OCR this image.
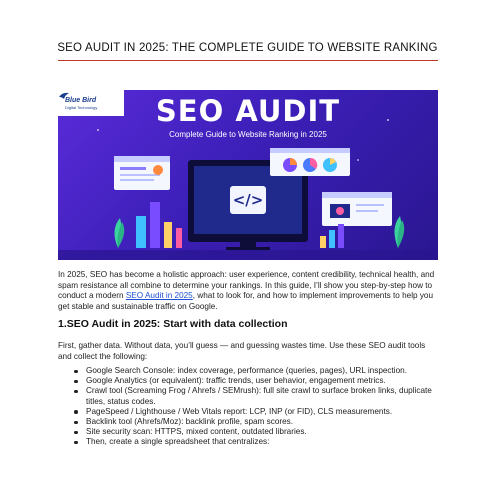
SEO AUDIT IN 2025: THE COMPLETE GUIDE TO WEBSITE RANKING
</>
Blue Bird
Digital Technology	SEO AUDIT
Complete Guide to Website Ranking in 2025

In 2025, SEO has become a holistic approach: user experience, content credibility, technical health, and spam resistance all combine to determine your rankings. In this guide, I’ll show you step-by-step how to conduct a modern SEO Audit in 2025, what to look for, and how to implement improvements to help you get stable and sustainable traffic on Google.

1.SEO Audit in 2025: Start with data collection

First, gather data. Without data, you’ll guess — and guessing wastes time. Use these SEO audit tools and collect the following:

Google Search Console: index coverage, performance (queries, pages), URL inspection.
Google Analytics (or equivalent): traffic trends, user behavior, engagement metrics.
Crawl tool (Screaming Frog / Ahrefs / SEMrush): full site crawl to surface broken links, duplicate titles, status codes.
PageSpeed / Lighthouse / Web Vitals report: LCP, INP (or FID), CLS measurements.
Backlink tool (Ahrefs/Moz): backlink profile, spam scores.
Site security scan: HTTPS, mixed content, outdated libraries.
Then, create a single spreadsheet that centralizes:
